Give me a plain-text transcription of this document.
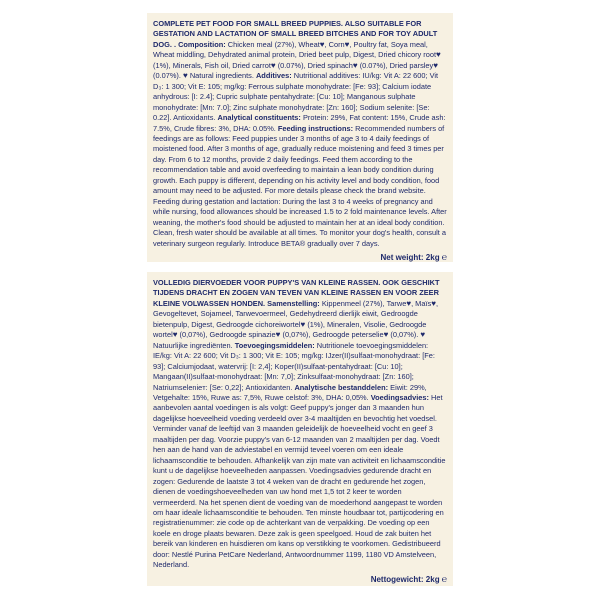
COMPLETE PET FOOD FOR SMALL BREED PUPPIES. ALSO SUITABLE FOR GESTATION AND LACTATION OF SMALL BREED BITCHES AND FOR TOY ADULT DOG. . Composition: Chicken meal (27%), Wheat♥, Corn♥, Poultry fat, Soya meal, Wheat middling, Dehydrated animal protein, Dried beet pulp, Digest, Dried chicory root♥ (1%), Minerals, Fish oil, Dried carrot♥ (0.07%), Dried spinach♥ (0.07%), Dried parsley♥ (0.07%). ♥ Natural ingredients. Additives: Nutritional additives: IU/kg: Vit A: 22 600; Vit D₃: 1 300; Vit E: 105; mg/kg: Ferrous sulphate monohydrate: [Fe: 93]; Calcium iodate anhydrous: [I: 2.4]; Cupric sulphate pentahydrate: [Cu: 10]; Manganous sulphate monohydrate: [Mn: 7.0]; Zinc sulphate monohydrate: [Zn: 160]; Sodium selenite: [Se: 0.22]. Antioxidants. Analytical constituents: Protein: 29%, Fat content: 15%, Crude ash: 7.5%, Crude fibres: 3%, DHA: 0.05%. Feeding instructions: Recommended numbers of feedings are as follows: Feed puppies under 3 months of age 3 to 4 daily feedings of moistened food. After 3 months of age, gradually reduce moistening and feed 3 times per day. From 6 to 12 months, provide 2 daily feedings. Feed them according to the recommendation table and avoid overfeeding to maintain a lean body condition during growth. Each puppy is different, depending on his activity level and body condition, food amount may need to be adjusted. For more details please check the brand website. Feeding during gestation and lactation: During the last 3 to 4 weeks of pregnancy and while nursing, food allowances should be increased 1.5 to 2 fold maintenance levels. After weaning, the mother's food should be adjusted to maintain her at an ideal body condition. Clean, fresh water should be available at all times. To monitor your dog's health, consult a veterinary surgeon regularly. Introduce BETA® gradually over 7 days.
Net weight: 2kg ℮
VOLLEDIG DIERVOEDER VOOR PUPPY'S VAN KLEINE RASSEN. OOK GESCHIKT TIJDENS DRACHT EN ZOGEN VAN TEVEN VAN KLEINE RASSEN EN VOOR ZEER KLEINE VOLWASSEN HONDEN. Samenstelling: Kippenmeel (27%), Tarwe♥, Maïs♥, Gevogeltevet, Sojameel, Tarwevoermeel, Gedehydreerd dierlijk eiwit, Gedroogde bietenpulp, Digest, Gedroogde cichoreiwortel♥ (1%), Mineralen, Visolie, Gedroogde wortel♥ (0,07%), Gedroogde spinazie♥ (0,07%), Gedroogde peterselie♥ (0,07%). ♥ Natuurlijke ingrediënten. Toevoegingsmiddelen: Nutritionele toevoegingsmiddelen: IE/kg: Vit A: 22 600; Vit D₃: 1 300; Vit E: 105; mg/kg: IJzer(II)sulfaat-monohydraat: [Fe: 93]; Calciumjodaat, watervrij: [I: 2,4]; Koper(II)sulfaat-pentahydraat: [Cu: 10]; Mangaan(II)sulfaat-monohydraat: [Mn: 7,0]; Zinksulfaat-monohydraat: [Zn: 160]; Natriumselenieт: [Se: 0,22]; Antioxidanten. Analytische bestanddelen: Eiwit: 29%, Vetgehalte: 15%, Ruwe as: 7,5%, Ruwe celstof: 3%, DHA: 0,05%. Voedingsadvies: Het aanbevolen aantal voedingen is als volgt: Geef puppy's jonger dan 3 maanden hun dagelijkse hoeveelheid voeding verdeeld over 3-4 maaltijden en bevochtig het voedsel. Verminder vanaf de leeftijd van 3 maanden geleidelijk de hoeveelheid vocht en geef 3 maaltijden per dag. Voorzie puppy's van 6-12 maanden van 2 maaltijden per dag. Voedt hen aan de hand van de adviestabel en vermijd teveel voeren om een ideale lichaamsconditie te behouden. Afhankelijk van zijn mate van activiteit en lichaamsconditie kunt u de dagelijkse hoeveelheden aanpassen. Voedingsadvies gedurende dracht en zogen: Gedurende de laatste 3 tot 4 weken van de dracht en gedurende het zogen, dienen de voedingshoeveelheden van uw hond met 1,5 tot 2 keer te worden vermeerderd. Na het spenen dient de voeding van de moederhond aangepast te worden om haar ideale lichaamsconditie te behouden. Ten minste houdbaar tot, partijcodering en registratienummer: zie code op de achterkant van de verpakking. De voeding op een koele en droge plaats bewaren. Deze zak is geen speelgoed. Houd de zak buiten het bereik van kinderen en huisdieren om kans op verstikking te voorkomen. Gedistribueerd door: Nestlé Purina PetCare Nederland, Antwoordnummer 1199, 1180 VD Amstelveen, Nederland.
Nettogewicht: 2kg ℮
